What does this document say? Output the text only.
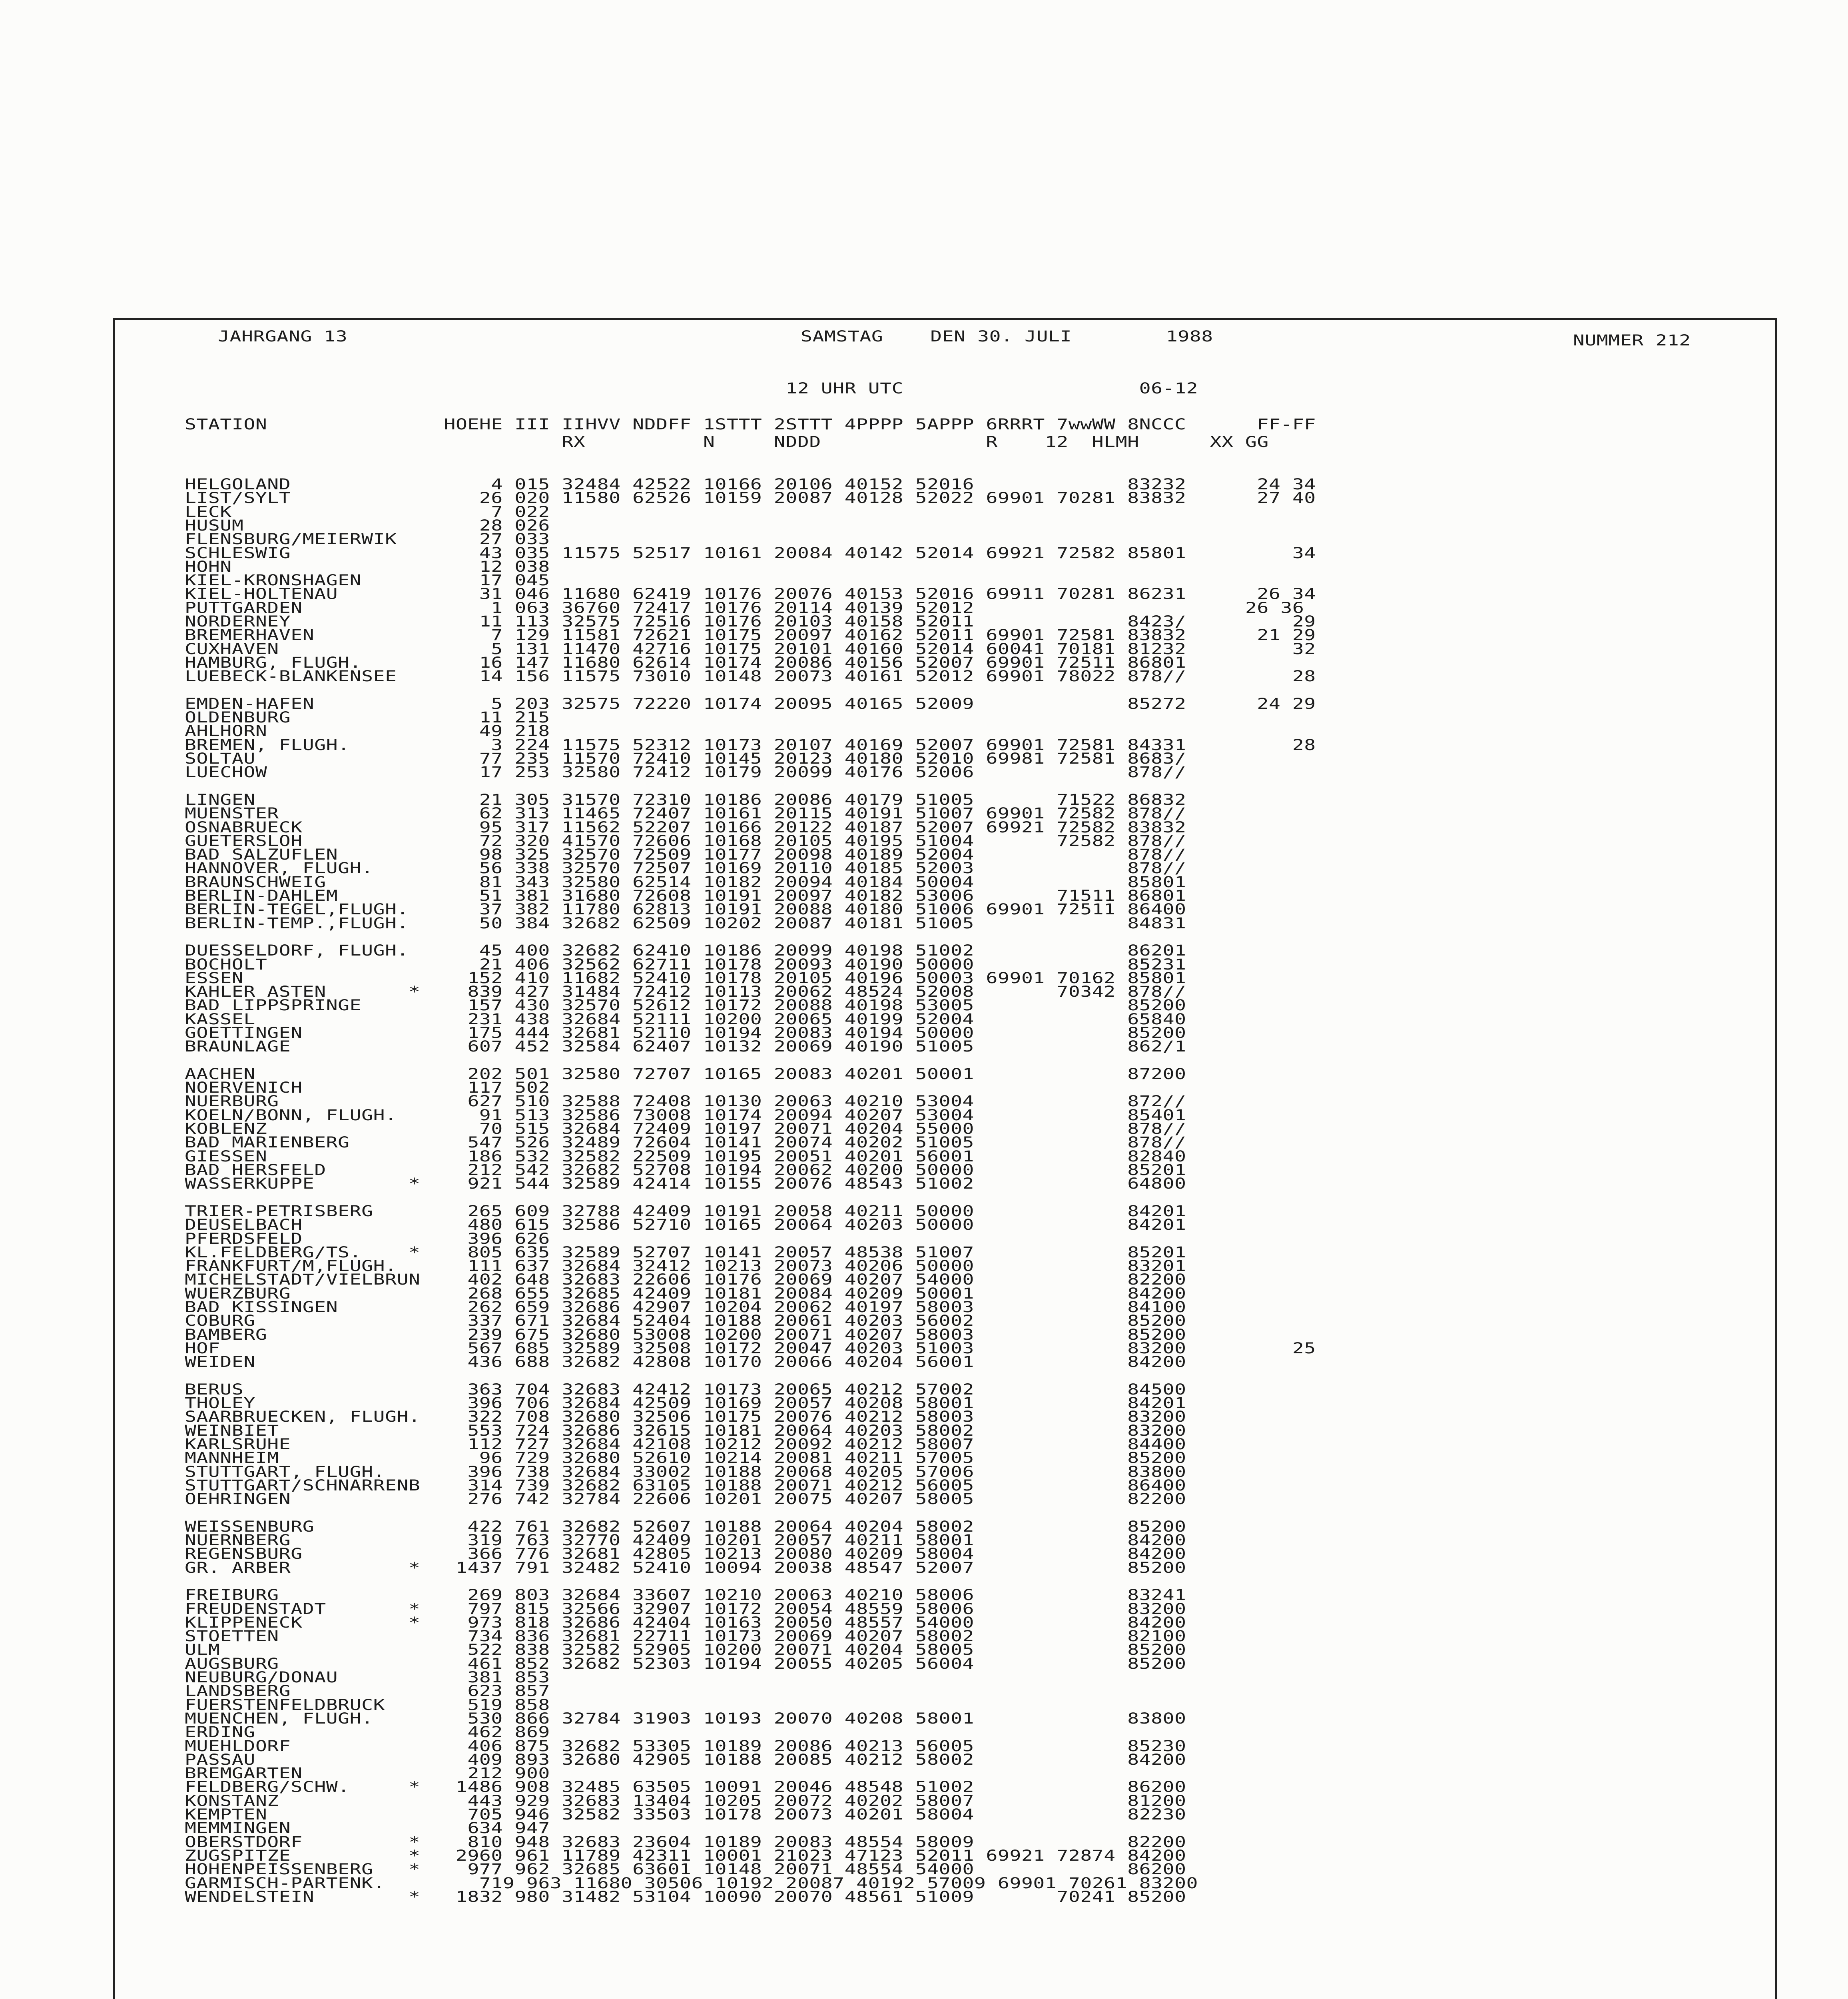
JAHRGANG 13	SAMSTAG    DEN 30. JULI        1988	NUMMER 212
12 UHR UTC                    06-12
STATION               HOEHE III IIHVV NDDFF 1STTT 2STTT 4PPPP 5APPP 6RRRT 7wwWW 8NCCC      FF-FF
RX          N     NDDD              R    12  HLMH      XX GG
HELGOLAND                 4 015 32484 42522 10166 20106 40152 52016             83232      24 34
LIST/SYLT                26 020 11580 62526 10159 20087 40128 52022 69901 70281 83832      27 40
LECK                      7 022
HUSUM                    28 026
FLENSBURG/MEIERWIK       27 033
SCHLESWIG                43 035 11575 52517 10161 20084 40142 52014 69921 72582 85801         34
HOHN                     12 038
KIEL-KRONSHAGEN          17 045
KIEL-HOLTENAU            31 046 11680 62419 10176 20076 40153 52016 69911 70281 86231      26 34
PUTTGARDEN                1 063 36760 72417 10176 20114 40139 52012                       26 36
NORDERNEY                11 113 32575 72516 10176 20103 40158 52011             8423/         29
BREMERHAVEN               7 129 11581 72621 10175 20097 40162 52011 69901 72581 83832      21 29
CUXHAVEN                  5 131 11470 42716 10175 20101 40160 52014 60041 70181 81232         32
HAMBURG, FLUGH.          16 147 11680 62614 10174 20086 40156 52007 69901 72511 86801
LUEBECK-BLANKENSEE       14 156 11575 73010 10148 20073 40161 52012 69901 78022 878//         28
EMDEN-HAFEN               5 203 32575 72220 10174 20095 40165 52009             85272      24 29
OLDENBURG                11 215
AHLHORN                  49 218
BREMEN, FLUGH.            3 224 11575 52312 10173 20107 40169 52007 69901 72581 84331         28
SOLTAU                   77 235 11570 72410 10145 20123 40180 52010 69981 72581 8683/
LUECHOW                  17 253 32580 72412 10179 20099 40176 52006             878//
LINGEN                   21 305 31570 72310 10186 20086 40179 51005       71522 86832
MUENSTER                 62 313 11465 72407 10161 20115 40191 51007 69901 72582 878//
OSNABRUECK               95 317 11562 52207 10166 20122 40187 52007 69921 72582 83832
GUETERSLOH               72 320 41570 72606 10168 20105 40195 51004       72582 878//
BAD SALZUFLEN            98 325 32570 72509 10177 20098 40189 52004             878//
HANNOVER, FLUGH.         56 338 32570 72507 10169 20110 40185 52003             878//
BRAUNSCHWEIG             81 343 32580 62514 10182 20094 40184 50004             85801
BERLIN-DAHLEM            51 381 31680 72608 10191 20097 40182 53006       71511 86801
BERLIN-TEGEL,FLUGH.      37 382 11780 62813 10191 20088 40180 51006 69901 72511 86400
BERLIN-TEMP.,FLUGH.      50 384 32682 62509 10202 20087 40181 51005             84831
DUESSELDORF, FLUGH.      45 400 32682 62410 10186 20099 40198 51002             86201
BOCHOLT                  21 406 32562 62711 10178 20093 40190 50000             85231
ESSEN                   152 410 11682 52410 10178 20105 40196 50003 69901 70162 85801
KAHLER ASTEN       *    839 427 31484 72412 10113 20062 48524 52008       70342 878//
BAD LIPPSPRINGE         157 430 32570 52612 10172 20088 40198 53005             85200
KASSEL                  231 438 32684 52111 10200 20065 40199 52004             65840
GOETTINGEN              175 444 32681 52110 10194 20083 40194 50000             85200
BRAUNLAGE               607 452 32584 62407 10132 20069 40190 51005             862/1
AACHEN                  202 501 32580 72707 10165 20083 40201 50001             87200
NOERVENICH              117 502
NUERBURG                627 510 32588 72408 10130 20063 40210 53004             872//
KOELN/BONN, FLUGH.       91 513 32586 73008 10174 20094 40207 53004             85401
KOBLENZ                  70 515 32684 72409 10197 20071 40204 55000             878//
BAD MARIENBERG          547 526 32489 72604 10141 20074 40202 51005             878//
GIESSEN                 186 532 32582 22509 10195 20051 40201 56001             82840
BAD HERSFELD            212 542 32682 52708 10194 20062 40200 50000             85201
WASSERKUPPE        *    921 544 32589 42414 10155 20076 48543 51002             64800
TRIER-PETRISBERG        265 609 32788 42409 10191 20058 40211 50000             84201
DEUSELBACH              480 615 32586 52710 10165 20064 40203 50000             84201
PFERDSFELD              396 626
KL.FELDBERG/TS.    *    805 635 32589 52707 10141 20057 48538 51007             85201
FRANKFURT/M,FLUGH.      111 637 32684 32412 10213 20073 40206 50000             83201
MICHELSTADT/VIELBRUN    402 648 32683 22606 10176 20069 40207 54000             82200
WUERZBURG               268 655 32685 42409 10181 20084 40209 50001             84200
BAD KISSINGEN           262 659 32686 42907 10204 20062 40197 58003             84100
COBURG                  337 671 32684 52404 10188 20061 40203 56002             85200
BAMBERG                 239 675 32680 53008 10200 20071 40207 58003             85200
HOF                     567 685 32589 32508 10172 20047 40203 51003             83200         25
WEIDEN                  436 688 32682 42808 10170 20066 40204 56001             84200
BERUS                   363 704 32683 42412 10173 20065 40212 57002             84500
THOLEY                  396 706 32684 42509 10169 20057 40208 58001             84201
SAARBRUECKEN, FLUGH.    322 708 32680 32506 10175 20076 40212 58003             83200
WEINBIET                553 724 32686 32615 10181 20064 40203 58002             83200
KARLSRUHE               112 727 32684 42108 10212 20092 40212 58007             84400
MANNHEIM                 96 729 32680 52610 10214 20081 40211 57005             85200
STUTTGART, FLUGH.       396 738 32684 33002 10188 20068 40205 57006             83800
STUTTGART/SCHNARRENB    314 739 32682 63105 10188 20071 40212 56005             86400
OEHRINGEN               276 742 32784 22606 10201 20075 40207 58005             82200
WEISSENBURG             422 761 32682 52607 10188 20064 40204 58002             85200
NUERNBERG               319 763 32770 42409 10201 20057 40211 58001             84200
REGENSBURG              366 776 32681 42805 10213 20080 40209 58004             84200
GR. ARBER          *   1437 791 32482 52410 10094 20038 48547 52007             85200
FREIBURG                269 803 32684 33607 10210 20063 40210 58006             83241
FREUDENSTADT       *    797 815 32566 32907 10172 20054 48559 58006             83200
KLIPPENECK         *    973 818 32686 42404 10163 20050 48557 54000             84200
STOETTEN                734 836 32681 22711 10173 20069 40207 58002             82100
ULM                     522 838 32582 52905 10200 20071 40204 58005             85200
AUGSBURG                461 852 32682 52303 10194 20055 40205 56004             85200
NEUBURG/DONAU           381 853
LANDSBERG               623 857
FUERSTENFELDBRUCK       519 858
MUENCHEN, FLUGH.        530 866 32784 31903 10193 20070 40208 58001             83800
ERDING                  462 869
MUEHLDORF               406 875 32682 53305 10189 20086 40213 56005             85230
PASSAU                  409 893 32680 42905 10188 20085 40212 58002             84200
BREMGARTEN              212 900
FELDBERG/SCHW.     *   1486 908 32485 63505 10091 20046 48548 51002             86200
KONSTANZ                443 929 32683 13404 10205 20072 40202 58007             81200
KEMPTEN                 705 946 32582 33503 10178 20073 40201 58004             82230
MEMMINGEN               634 947
OBERSTDORF         *    810 948 32683 23604 10189 20083 48554 58009             82200
ZUGSPITZE          *   2960 961 11789 42311 10001 21023 47123 52011 69921 72874 84200
HOHENPEISSENBERG   *    977 962 32685 63601 10148 20071 48554 54000             86200
GARMISCH-PARTENK.        719 963 11680 30506 10192 20087 40192 57009 69901 70261 83200
WENDELSTEIN        *   1832 980 31482 53104 10090 20070 48561 51009       70241 85200
